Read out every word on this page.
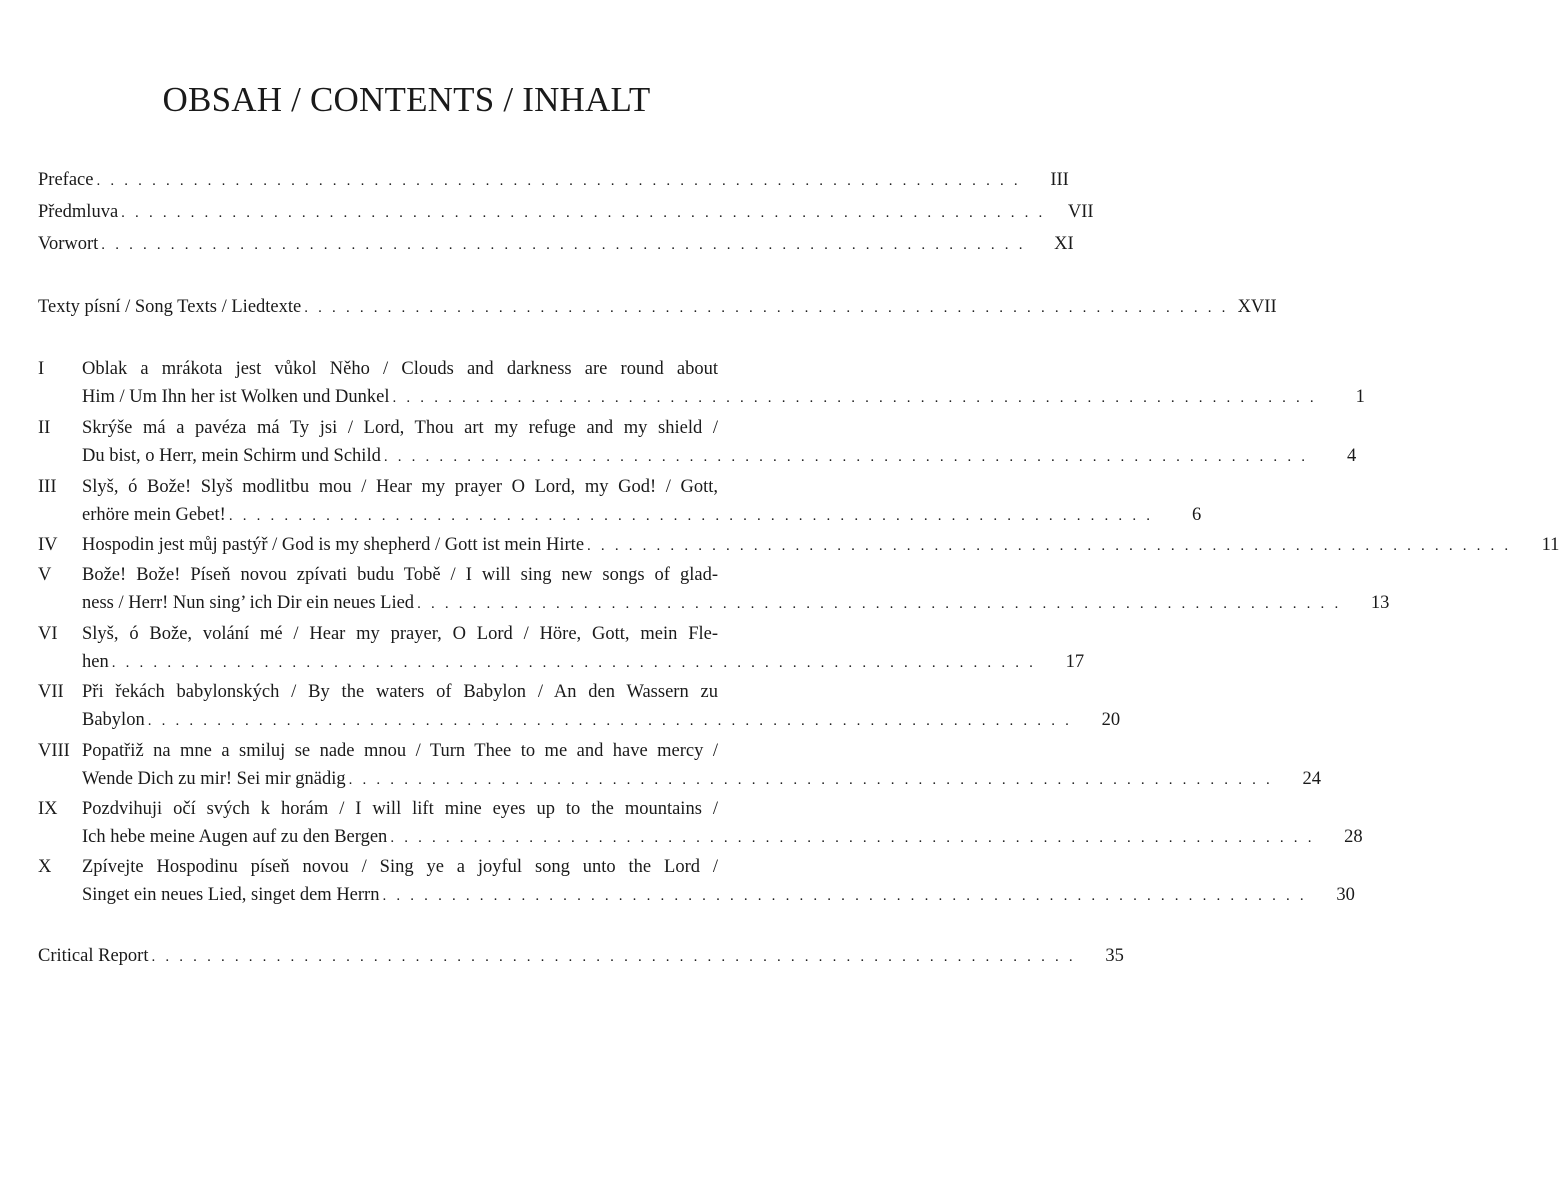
OBSAH / CONTENTS / INHALT
Preface . . . . . . . . . . . . . . . . . . . . . . . . . . . . . . . . . . . . . . . . . . . . . . . . . . . . . . . . . . . . . . . . . . .	III
Předmluva . . . . . . . . . . . . . . . . . . . . . . . . . . . . . . . . . . . . . . . . . . . . . . . . . . . . . . . . . . . . . . . . . . .	VII
Vorwort . . . . . . . . . . . . . . . . . . . . . . . . . . . . . . . . . . . . . . . . . . . . . . . . . . . . . . . . . . . . . . . . . . .	XI
Texty písní / Song Texts / Liedtexte . . . . . . . . . . . . . . . . . . . . . . . . . . . . . . . . . . . . . . . . . . . . . . . . . . . . . . . . . . . . . . . . . . . XVII
I Oblak a mrákota jest vůkol Něho / Clouds and darkness are round about
Him / Um Ihn her ist Wolken und Dunkel . . . . . . . . . . . . . . . . . . . . . . . . . . . . . . . . . . . . . . . . . . . . . . . . . . . . . . . . . . . . . . . . . . .	1
II Skrýše má a pavéza má Ty jsi / Lord, Thou art my refuge and my shield /
Du bist, o Herr, mein Schirm und Schild . . . . . . . . . . . . . . . . . . . . . . . . . . . . . . . . . . . . . . . . . . . . . . . . . . . . . . . . . . . . . . . . . . .	4
III Slyš, ó Bože! Slyš modlitbu mou / Hear my prayer O Lord, my God! / Gott,
erhöre mein Gebet! . . . . . . . . . . . . . . . . . . . . . . . . . . . . . . . . . . . . . . . . . . . . . . . . . . . . . . . . . . . . . . . . . . .	6
IV Hospodin jest můj pastýř / God is my shepherd / Gott ist mein Hirte . . . . . . . . . . . . . . . . . . . . . . . . . . . . . . . . . . . . . . . . . . . . . . . . . . . . . . . . . . . . . . . . . . .	11
V Bože! Bože! Píseň novou zpívati budu Tobě / I will sing new songs of glad-
ness / Herr! Nun sing’ ich Dir ein neues Lied . . . . . . . . . . . . . . . . . . . . . . . . . . . . . . . . . . . . . . . . . . . . . . . . . . . . . . . . . . . . . . . . . . .	13
VI Slyš, ó Bože, volání mé / Hear my prayer, O Lord / Höre, Gott, mein Fle-
hen . . . . . . . . . . . . . . . . . . . . . . . . . . . . . . . . . . . . . . . . . . . . . . . . . . . . . . . . . . . . . . . . . . .	17
VII Při řekách babylonských / By the waters of Babylon / An den Wassern zu
Babylon . . . . . . . . . . . . . . . . . . . . . . . . . . . . . . . . . . . . . . . . . . . . . . . . . . . . . . . . . . . . . . . . . . .	20
VIII Popatřiž na mne a smiluj se nade mnou / Turn Thee to me and have mercy /
Wende Dich zu mir! Sei mir gnädig . . . . . . . . . . . . . . . . . . . . . . . . . . . . . . . . . . . . . . . . . . . . . . . . . . . . . . . . . . . . . . . . . . .	24
IX Pozdvihuji očí svých k horám / I will lift mine eyes up to the mountains /
Ich hebe meine Augen auf zu den Bergen . . . . . . . . . . . . . . . . . . . . . . . . . . . . . . . . . . . . . . . . . . . . . . . . . . . . . . . . . . . . . . . . . . .	28
X Zpívejte Hospodinu píseň novou / Sing ye a joyful song unto the Lord /
Singet ein neues Lied, singet dem Herrn . . . . . . . . . . . . . . . . . . . . . . . . . . . . . . . . . . . . . . . . . . . . . . . . . . . . . . . . . . . . . . . . . . .	30
Critical Report . . . . . . . . . . . . . . . . . . . . . . . . . . . . . . . . . . . . . . . . . . . . . . . . . . . . . . . . . . . . . . . . . . .	35
